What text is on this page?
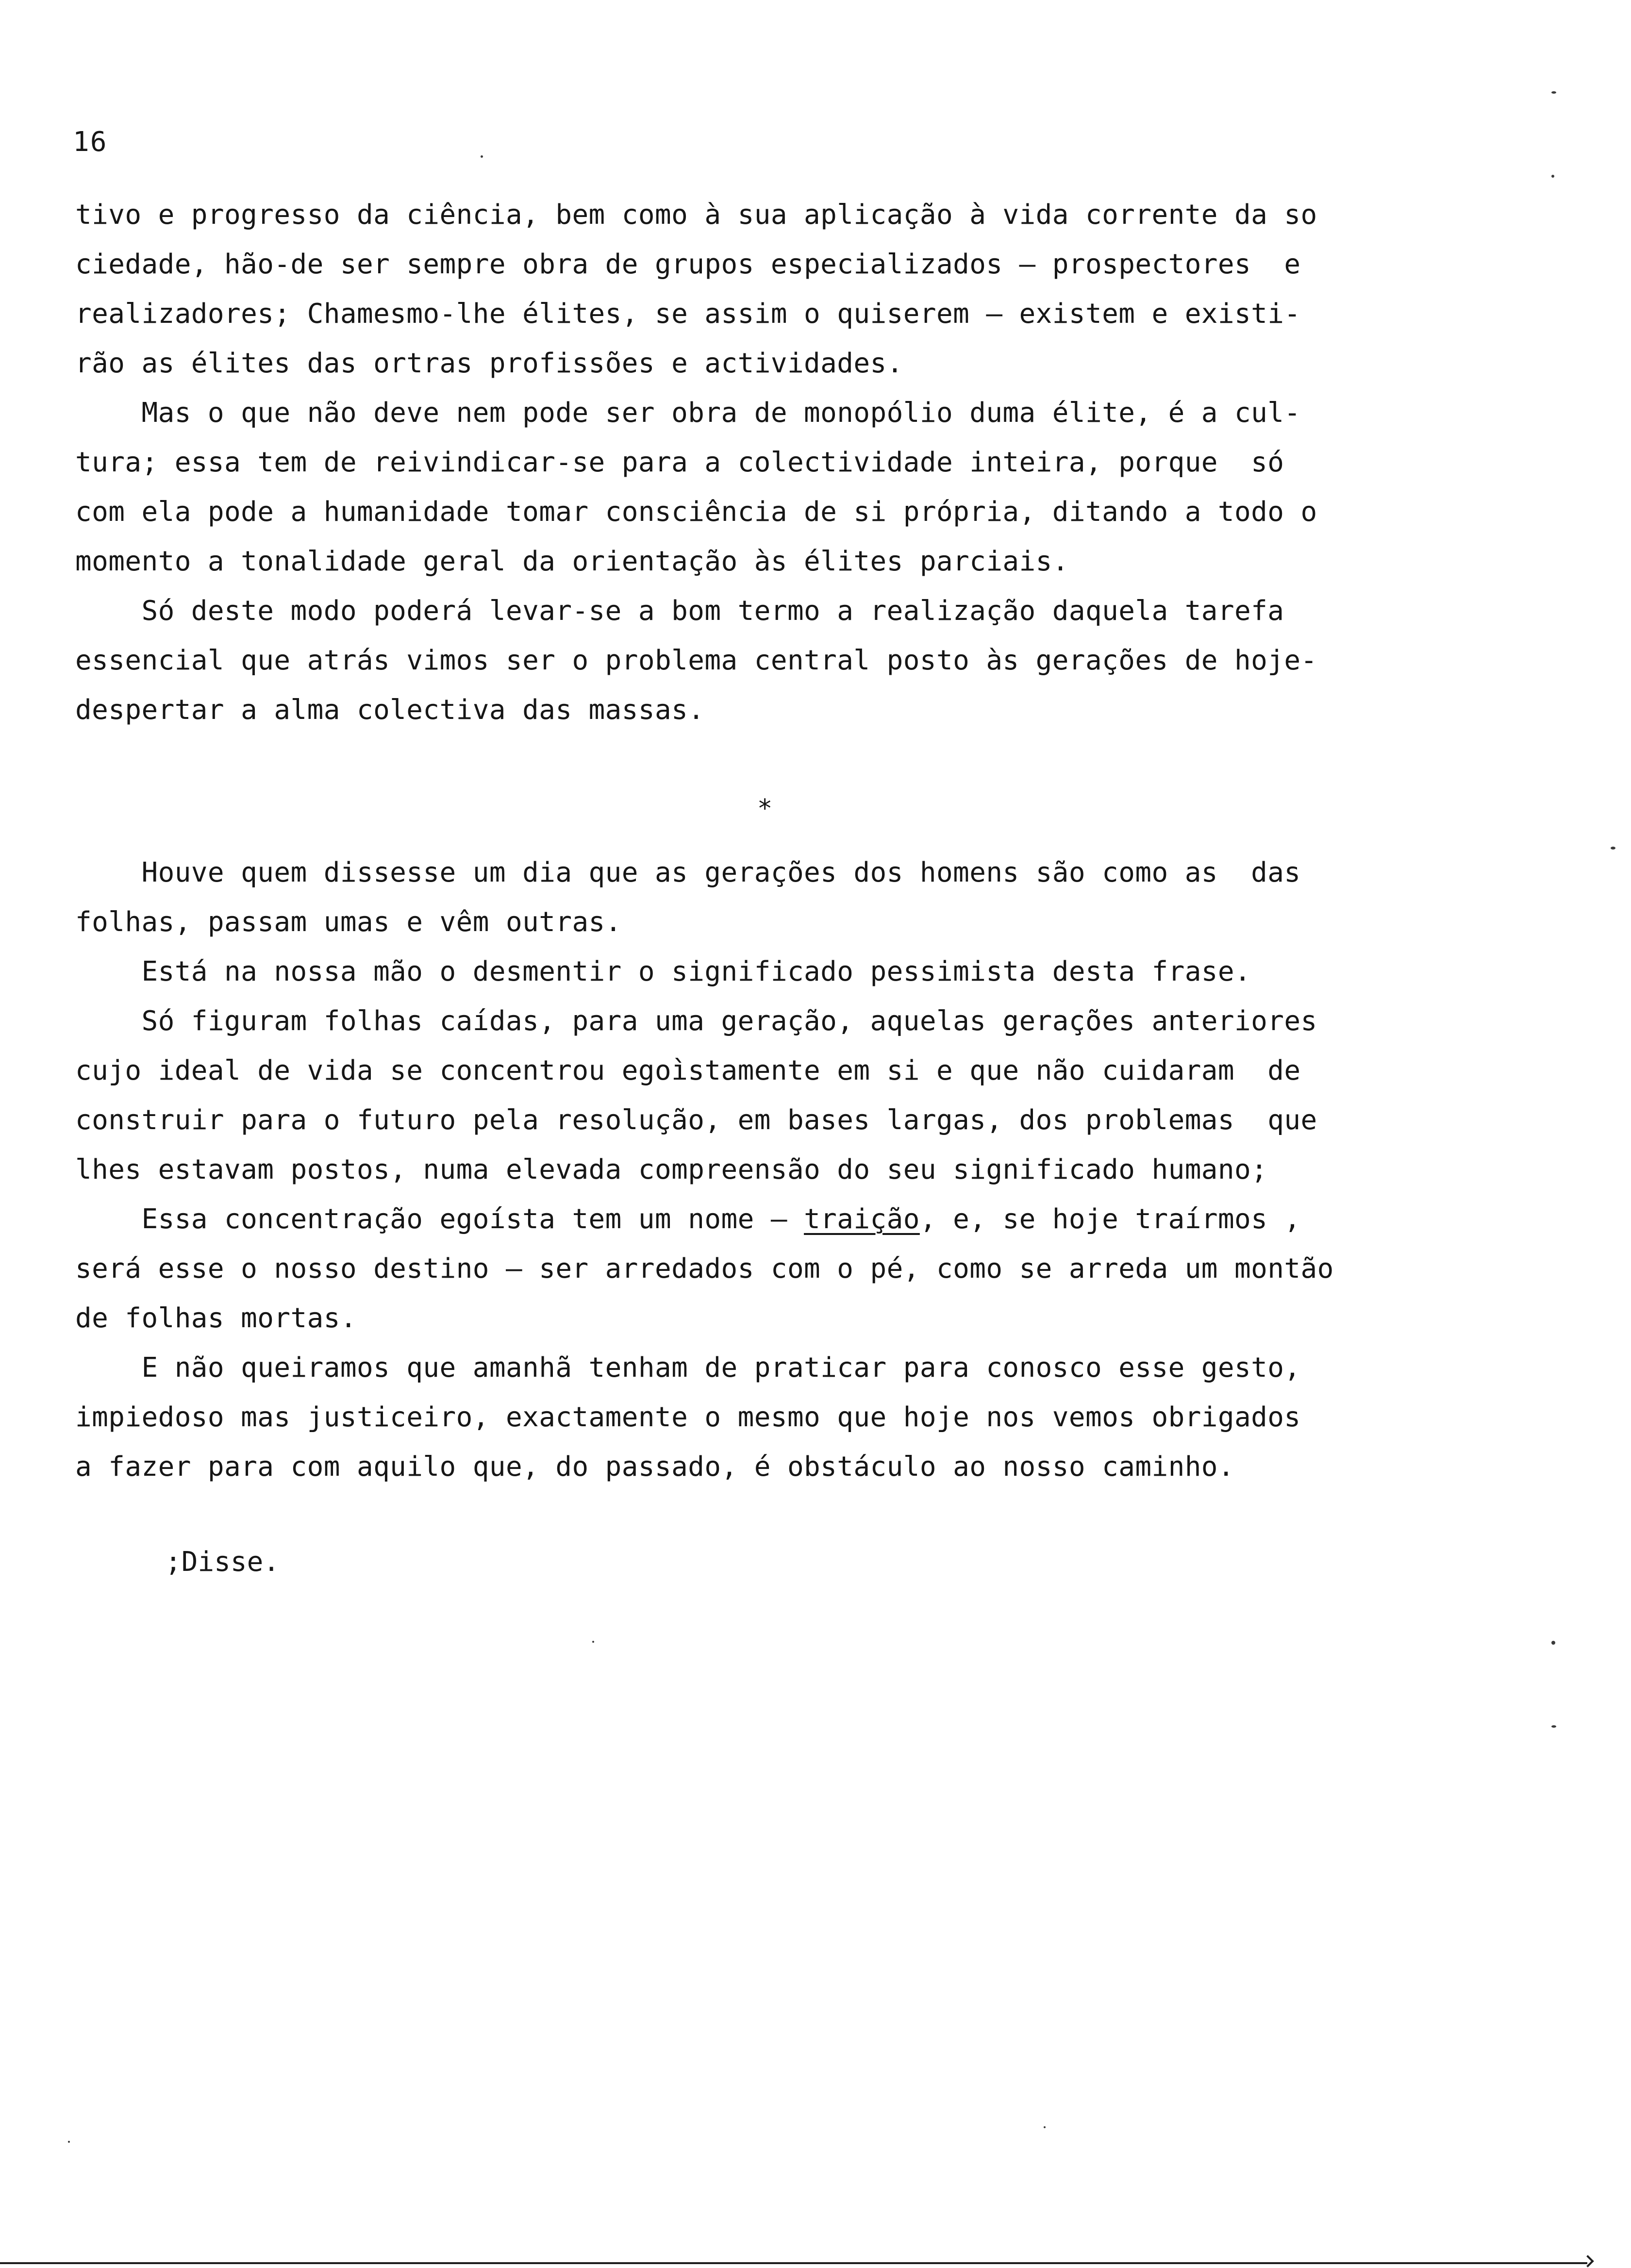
16
tivo e progresso da ciência, bem como à sua aplicação à vida corrente da so
ciedade, hão-de ser sempre obra de grupos especializados – prospectores  e
realizadores; Chamesmo-lhe élites, se assim o quiserem – existem e existi-
rão as élites das ortras profissões e actividades.
Mas o que não deve nem pode ser obra de monopólio duma élite, é a cul-
tura; essa tem de reivindicar-se para a colectividade inteira, porque  só
com ela pode a humanidade tomar consciência de si própria, ditando a todo o
momento a tonalidade geral da orientação às élites parciais.
Só deste modo poderá levar-se a bom termo a realização daquela tarefa
essencial que atrás vimos ser o problema central posto às gerações de hoje-
despertar a alma colectiva das massas.
*
Houve quem dissesse um dia que as gerações dos homens são como as  das
folhas, passam umas e vêm outras.
Está na nossa mão o desmentir o significado pessimista desta frase.
Só figuram folhas caídas, para uma geração, aquelas gerações anteriores
cujo ideal de vida se concentrou egoìstamente em si e que não cuidaram  de
construir para o futuro pela resolução, em bases largas, dos problemas  que
lhes estavam postos, numa elevada compreensão do seu significado humano;
Essa concentração egoísta tem um nome – traição, e, se hoje traírmos ,
será esse o nosso destino – ser arredados com o pé, como se arreda um montão
de folhas mortas.
E não queiramos que amanhã tenham de praticar para conosco esse gesto,
impiedoso mas justiceiro, exactamente o mesmo que hoje nos vemos obrigados
a fazer para com aquilo que, do passado, é obstáculo ao nosso caminho.
;Disse.
